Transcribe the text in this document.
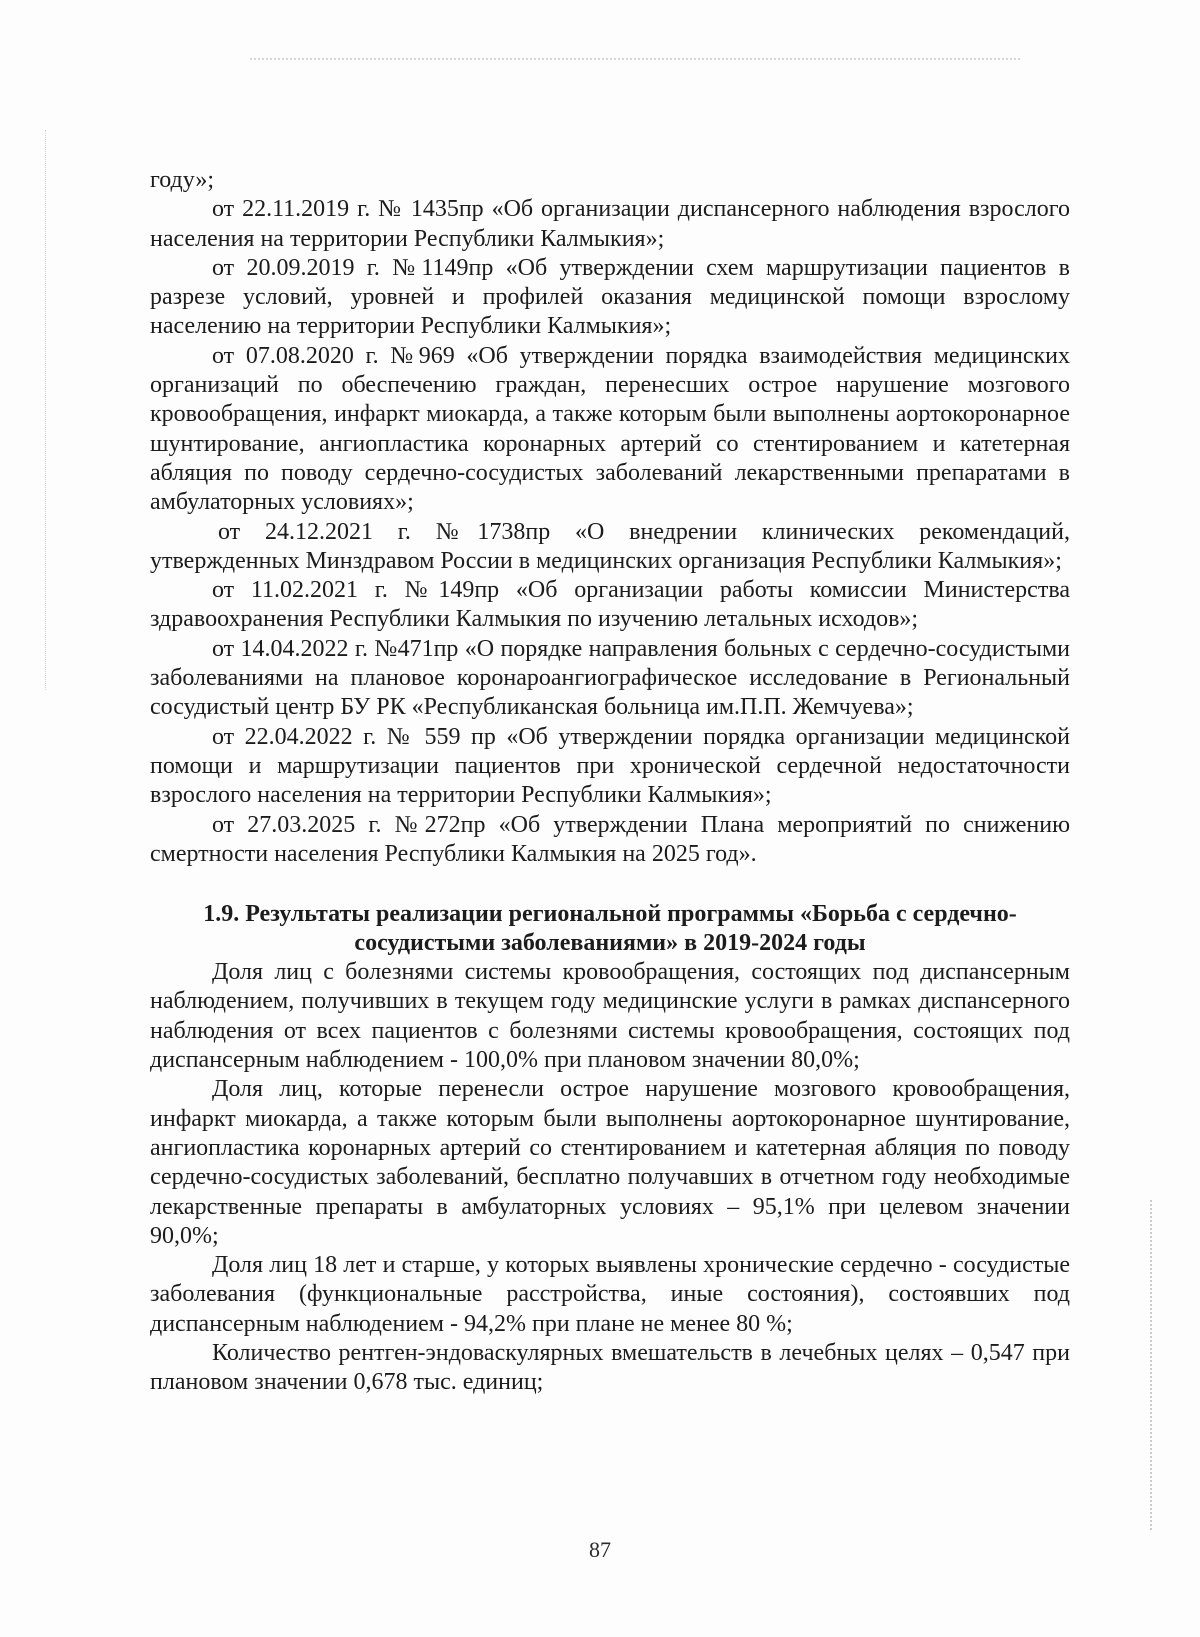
году»;

от 22.11.2019 г. № 1435пр «Об организации диспансерного наблюдения взрослого населения на территории Республики Калмыкия»;

от 20.09.2019 г. №1149пр «Об утверждении схем маршрутизации пациентов в разрезе условий, уровней и профилей оказания медицинской помощи взрослому населению на территории Республики Калмыкия»;

от 07.08.2020 г. №969 «Об утверждении порядка взаимодействия медицинских организаций по обеспечению граждан, перенесших острое нарушение мозгового кровообращения, инфаркт миокарда, а также которым были выполнены аортокоронарное шунтирование, ангиопластика коронарных артерий со стентированием и катетерная абляция по поводу сердечно-сосудистых заболеваний лекарственными препаратами в амбулаторных условиях»;

от 24.12.2021 г. №1738пр «О внедрении клинических рекомендаций, утвержденных Минздравом России в медицинских организация Республики Калмыкия»;

от 11.02.2021 г. №149пр «Об организации работы комиссии Министерства здравоохранения Республики Калмыкия по изучению летальных исходов»;

от 14.04.2022 г. №471пр «О порядке направления больных с сердечно-сосудистыми заболеваниями на плановое коронароангиографическое исследование в Региональный сосудистый центр БУ РК «Республиканская больница им.П.П. Жемчуева»;

от 22.04.2022 г. № 559 пр «Об утверждении порядка организации медицинской помощи и маршрутизации пациентов при хронической сердечной недостаточности взрослого населения на территории Республики Калмыкия»;

от 27.03.2025 г. №272пр «Об утверждении Плана мероприятий по снижению смертности населения Республики Калмыкия на 2025 год».

1.9. Результаты реализации региональной программы «Борьба с сердечно-сосудистыми заболеваниями» в 2019-2024 годы

Доля лиц с болезнями системы кровообращения, состоящих под диспансерным наблюдением, получивших в текущем году медицинские услуги в рамках диспансерного наблюдения от всех пациентов с болезнями системы кровообращения, состоящих под диспансерным наблюдением - 100,0% при плановом значении 80,0%;

Доля лиц, которые перенесли острое нарушение мозгового кровообращения, инфаркт миокарда, а также которым были выполнены аортокоронарное шунтирование, ангиопластика коронарных артерий со стентированием и катетерная абляция по поводу сердечно-сосудистых заболеваний, бесплатно получавших в отчетном году необходимые лекарственные препараты в амбулаторных условиях – 95,1% при целевом значении 90,0%;

Доля лиц 18 лет и старше, у которых выявлены хронические сердечно - сосудистые заболевания (функциональные расстройства, иные состояния), состоявших под диспансерным наблюдением - 94,2% при плане не менее 80 %;

Количество рентген-эндоваскулярных вмешательств в лечебных целях – 0,547 при плановом значении 0,678 тыс. единиц;

87
